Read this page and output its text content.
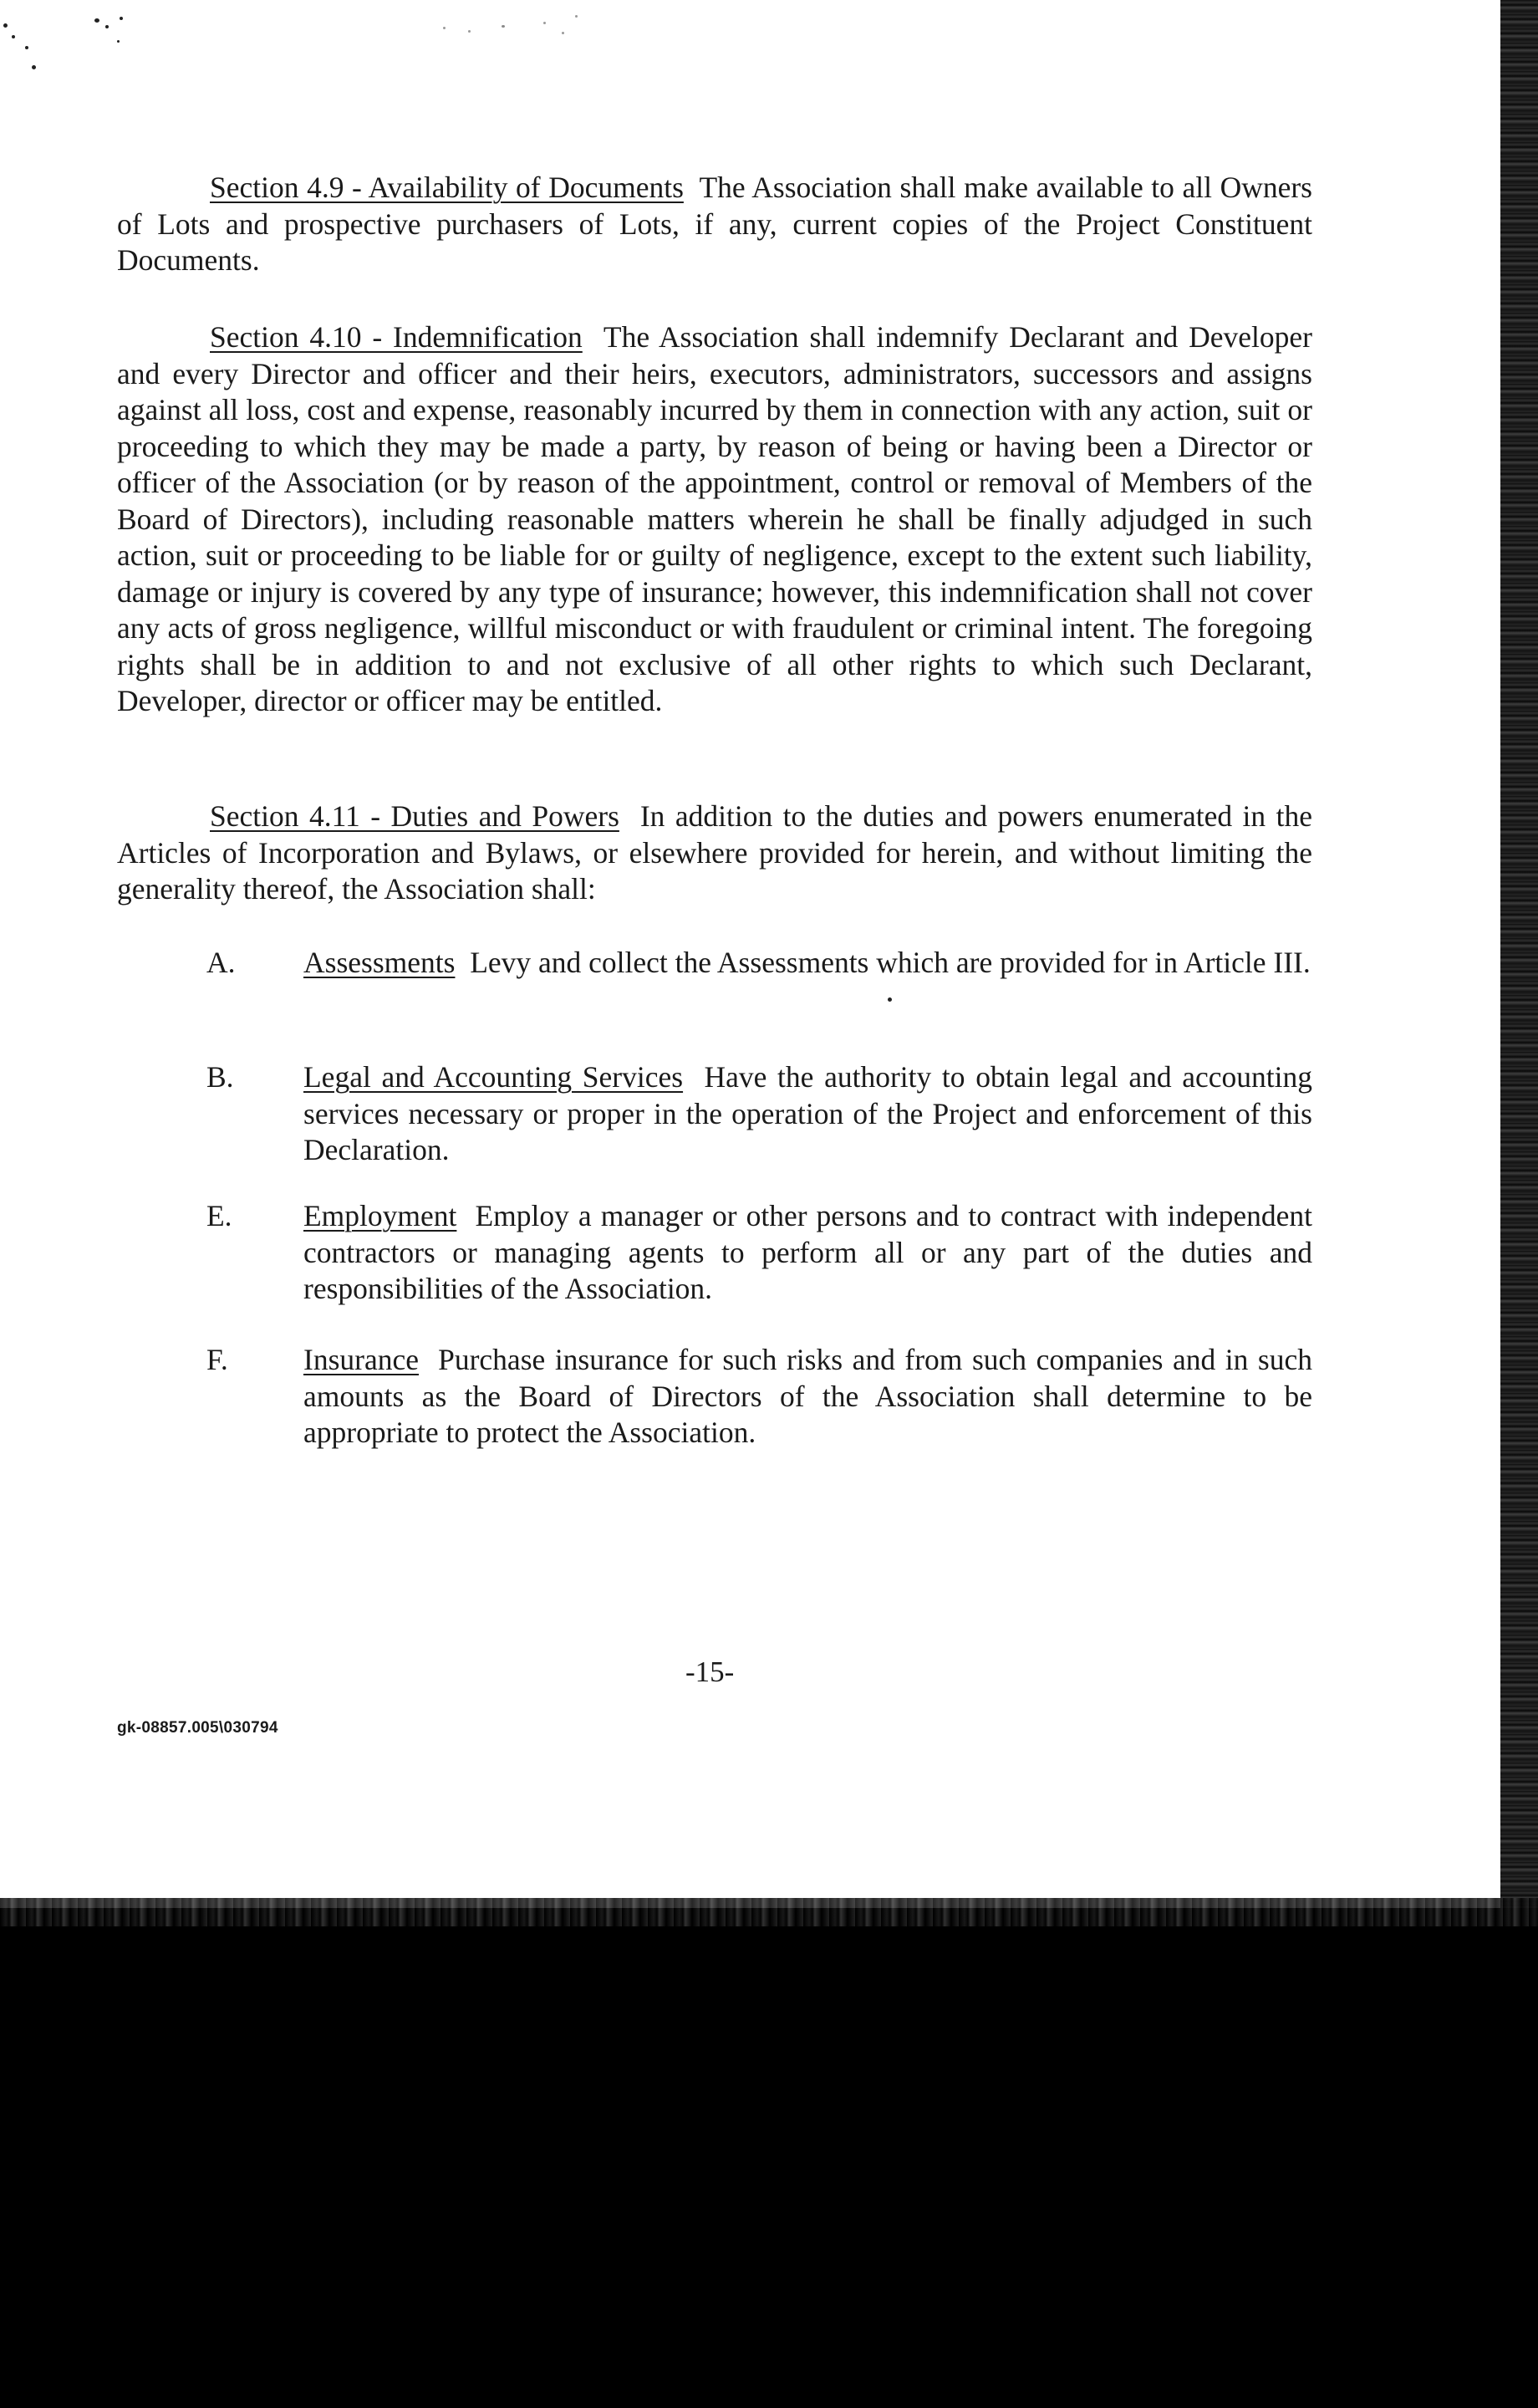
Section 4.9 - Availability of Documents The Association shall make available to all Owners of Lots and prospective purchasers of Lots, if any, current copies of the Project Constituent Documents.
Section 4.10 - Indemnification The Association shall indemnify Declarant and Developer and every Director and officer and their heirs, executors, administrators, successors and assigns against all loss, cost and expense, reasonably incurred by them in connection with any action, suit or proceeding to which they may be made a party, by reason of being or having been a Director or officer of the Association (or by reason of the appointment, control or removal of Members of the Board of Directors), including reasonable matters wherein he shall be finally adjudged in such action, suit or proceeding to be liable for or guilty of negligence, except to the extent such liability, damage or injury is covered by any type of insurance; however, this indemnification shall not cover any acts of gross negligence, willful misconduct or with fraudulent or criminal intent. The foregoing rights shall be in addition to and not exclusive of all other rights to which such Declarant, Developer, director or officer may be entitled.
Section 4.11 - Duties and Powers In addition to the duties and powers enumerated in the Articles of Incorporation and Bylaws, or elsewhere provided for herein, and without limiting the generality thereof, the Association shall:
A.	Assessments Levy and collect the Assessments which are provided for in Article III.
B.	Legal and Accounting Services Have the authority to obtain legal and accounting services necessary or proper in the operation of the Project and enforcement of this Declaration.
E.	Employment Employ a manager or other persons and to contract with independent contractors or managing agents to perform all or any part of the duties and responsibilities of the Association.
F.	Insurance Purchase insurance for such risks and from such companies and in such amounts as the Board of Directors of the Association shall determine to be appropriate to protect the Association.
-15-
gk-08857.005\030794
